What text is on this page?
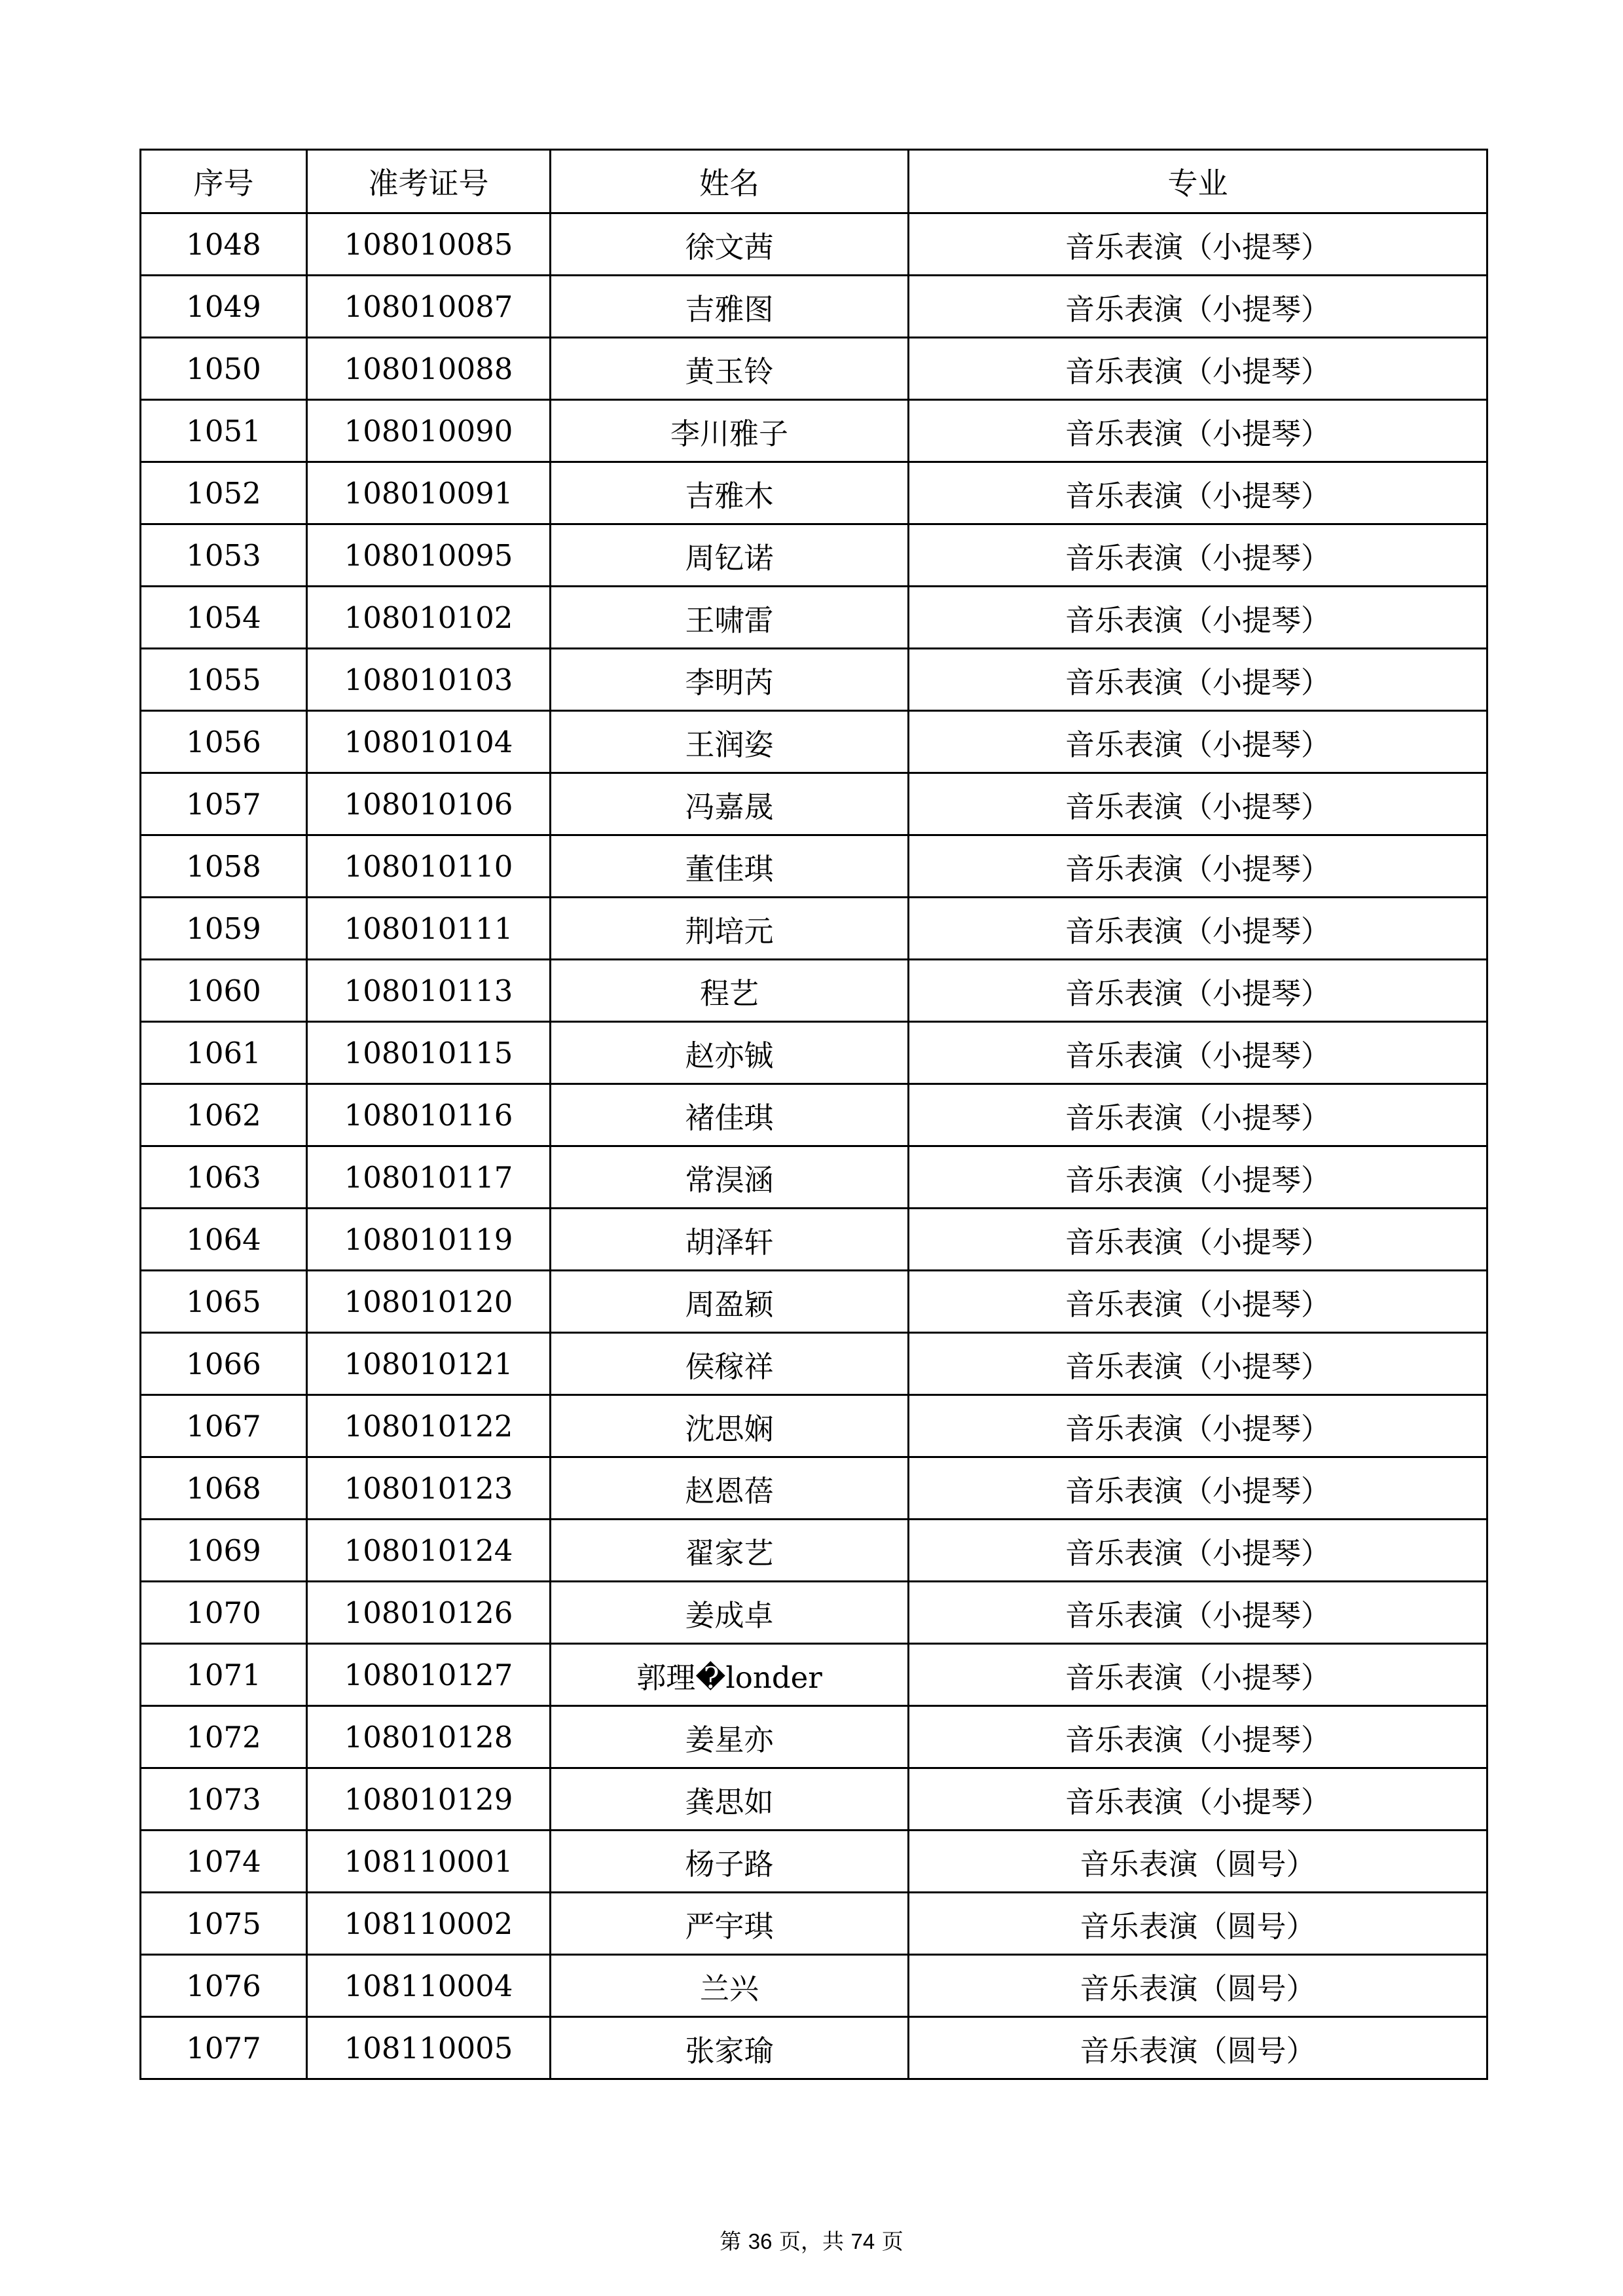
序号	准考证号	姓名	专业
1048	108010085	徐文茜	音乐表演（小提琴）
1049	108010087	吉雅图	音乐表演（小提琴）
1050	108010088	黄玉铃	音乐表演（小提琴）
1051	108010090	李川雅子	音乐表演（小提琴）
1052	108010091	吉雅木	音乐表演（小提琴）
1053	108010095	周钇诺	音乐表演（小提琴）
1054	108010102	王啸雷	音乐表演（小提琴）
1055	108010103	李明芮	音乐表演（小提琴）
1056	108010104	王润姿	音乐表演（小提琴）
1057	108010106	冯嘉晟	音乐表演（小提琴）
1058	108010110	董佳琪	音乐表演（小提琴）
1059	108010111	荆培元	音乐表演（小提琴）
1060	108010113	程艺	音乐表演（小提琴）
1061	108010115	赵亦铖	音乐表演（小提琴）
1062	108010116	褚佳琪	音乐表演（小提琴）
1063	108010117	常淏涵	音乐表演（小提琴）
1064	108010119	胡泽轩	音乐表演（小提琴）
1065	108010120	周盈颖	音乐表演（小提琴）
1066	108010121	侯稼祥	音乐表演（小提琴）
1067	108010122	沈思娴	音乐表演（小提琴）
1068	108010123	赵恩蓓	音乐表演（小提琴）
1069	108010124	翟家艺	音乐表演（小提琴）
1070	108010126	姜成卓	音乐表演（小提琴）
1071	108010127	郭理�londer	音乐表演（小提琴）
1072	108010128	姜星亦	音乐表演（小提琴）
1073	108010129	龚思如	音乐表演（小提琴）
1074	108110001	杨子路	音乐表演（圆号）
1075	108110002	严宇琪	音乐表演（圆号）
1076	108110004	兰兴	音乐表演（圆号）
1077	108110005	张家瑜	音乐表演（圆号）
第 36 页，共 74 页
